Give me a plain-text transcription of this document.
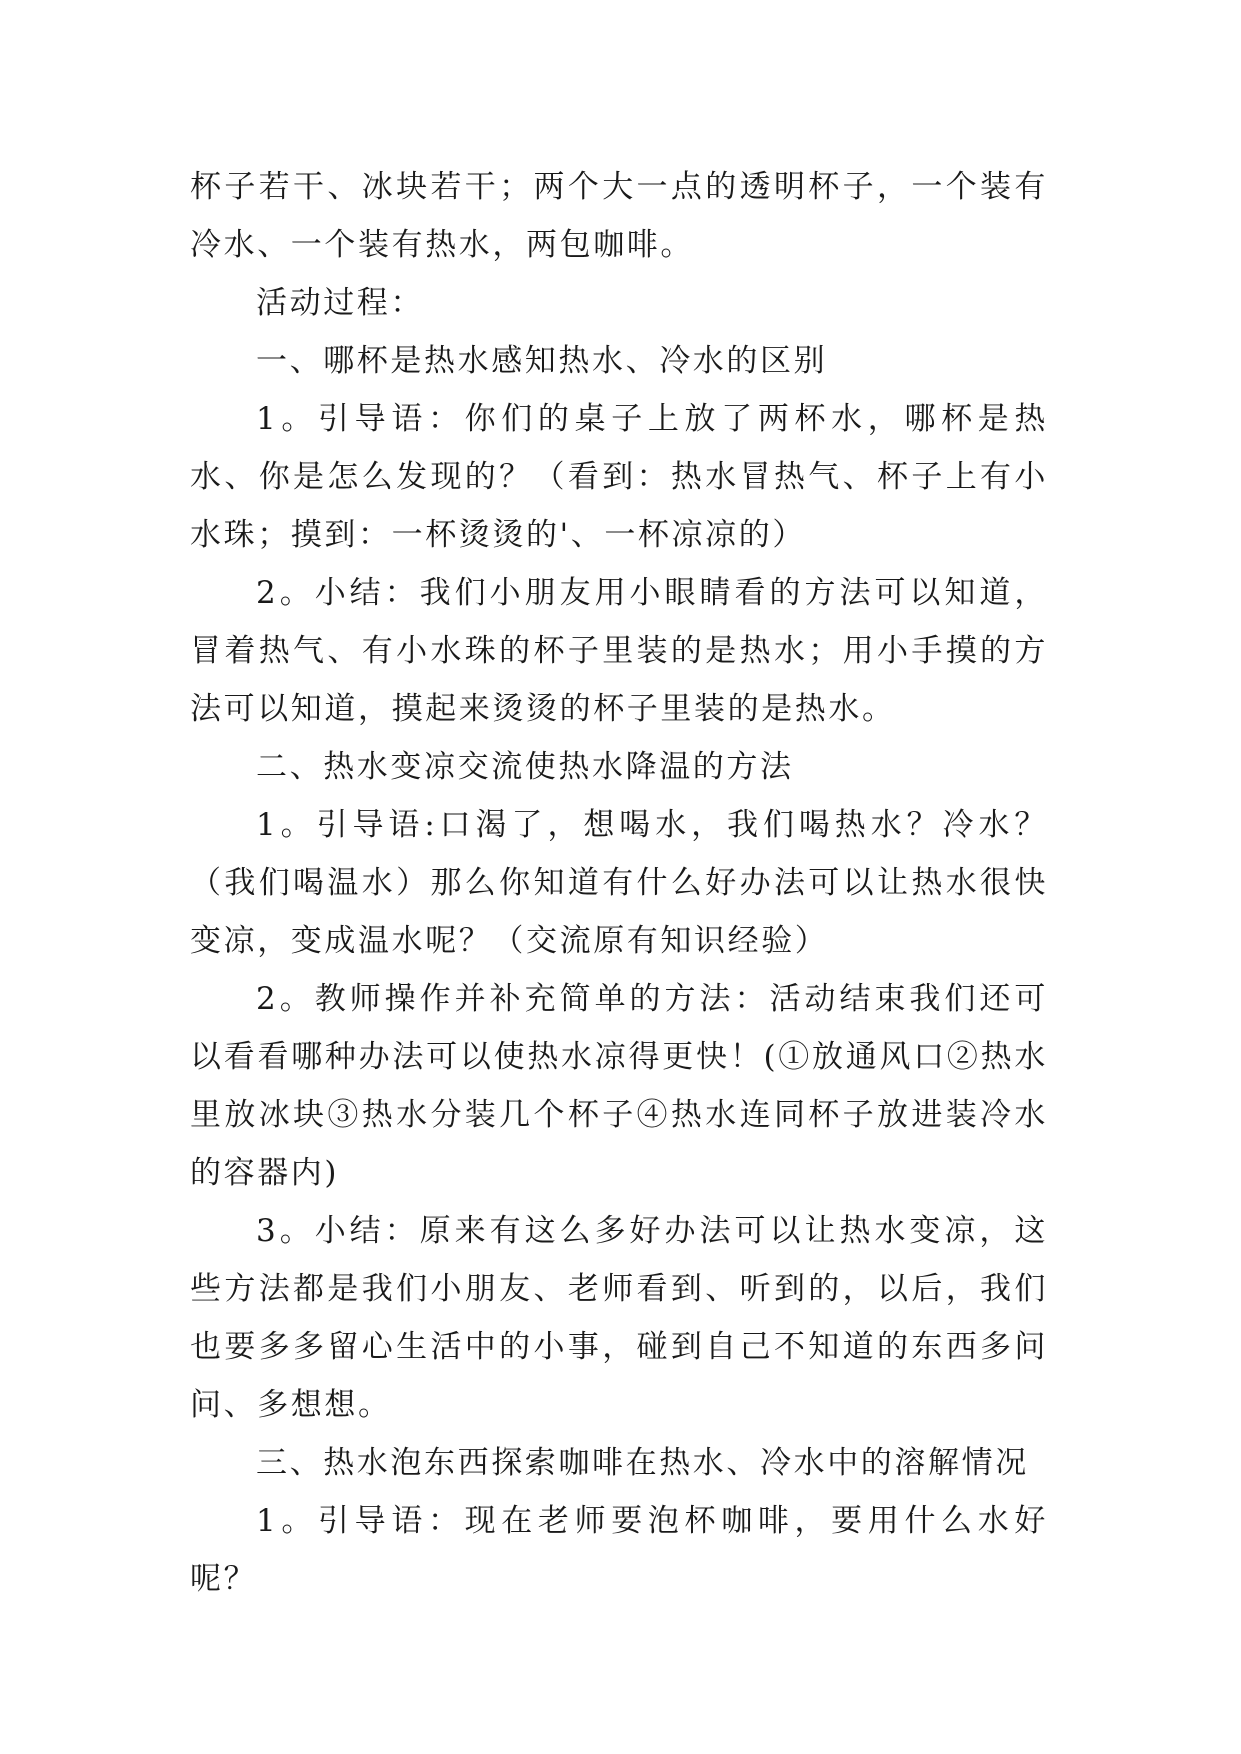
杯子若干、冰块若干；两个大一点的透明杯子，一个装有冷水、一个装有热水，两包咖啡。

活动过程：

一、哪杯是热水感知热水、冷水的区别

1。引导语：你们的桌子上放了两杯水，哪杯是热水、你是怎么发现的？（看到：热水冒热气、杯子上有小水珠；摸到：一杯烫烫的'、一杯凉凉的）

2。小结：我们小朋友用小眼睛看的方法可以知道，冒着热气、有小水珠的杯子里装的是热水；用小手摸的方法可以知道，摸起来烫烫的杯子里装的是热水。

二、热水变凉交流使热水降温的方法

1。引导语:口渴了，想喝水，我们喝热水？冷水？（我们喝温水）那么你知道有什么好办法可以让热水很快变凉，变成温水呢？（交流原有知识经验）

2。教师操作并补充简单的方法：活动结束我们还可以看看哪种办法可以使热水凉得更快！(①放通风口②热水里放冰块③热水分装几个杯子④热水连同杯子放进装冷水的容器内)

3。小结：原来有这么多好办法可以让热水变凉，这些方法都是我们小朋友、老师看到、听到的，以后，我们也要多多留心生活中的小事，碰到自己不知道的东西多问问、多想想。

三、热水泡东西探索咖啡在热水、冷水中的溶解情况

1。引导语：现在老师要泡杯咖啡，要用什么水好呢？
